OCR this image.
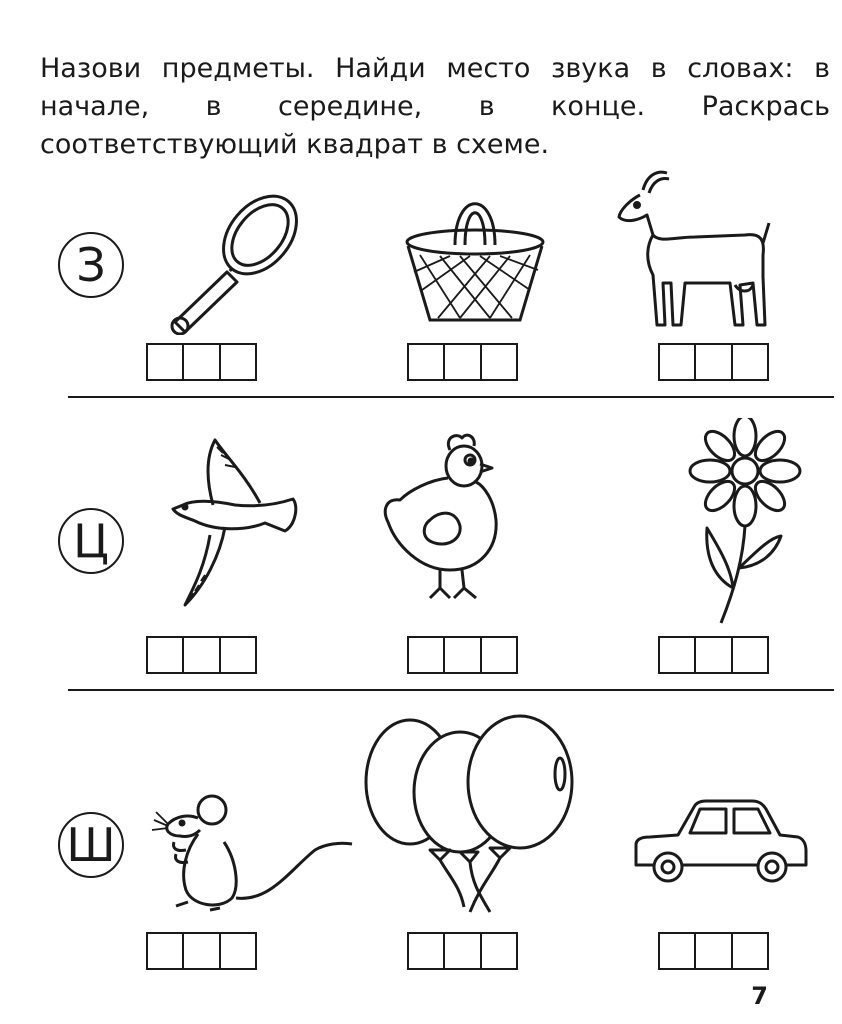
Назови предметы. Найди место звука в словах: в начале, в середине, в конце. Раскрась соответствующий квадрат в схеме.
З
Ц
Ш
7
